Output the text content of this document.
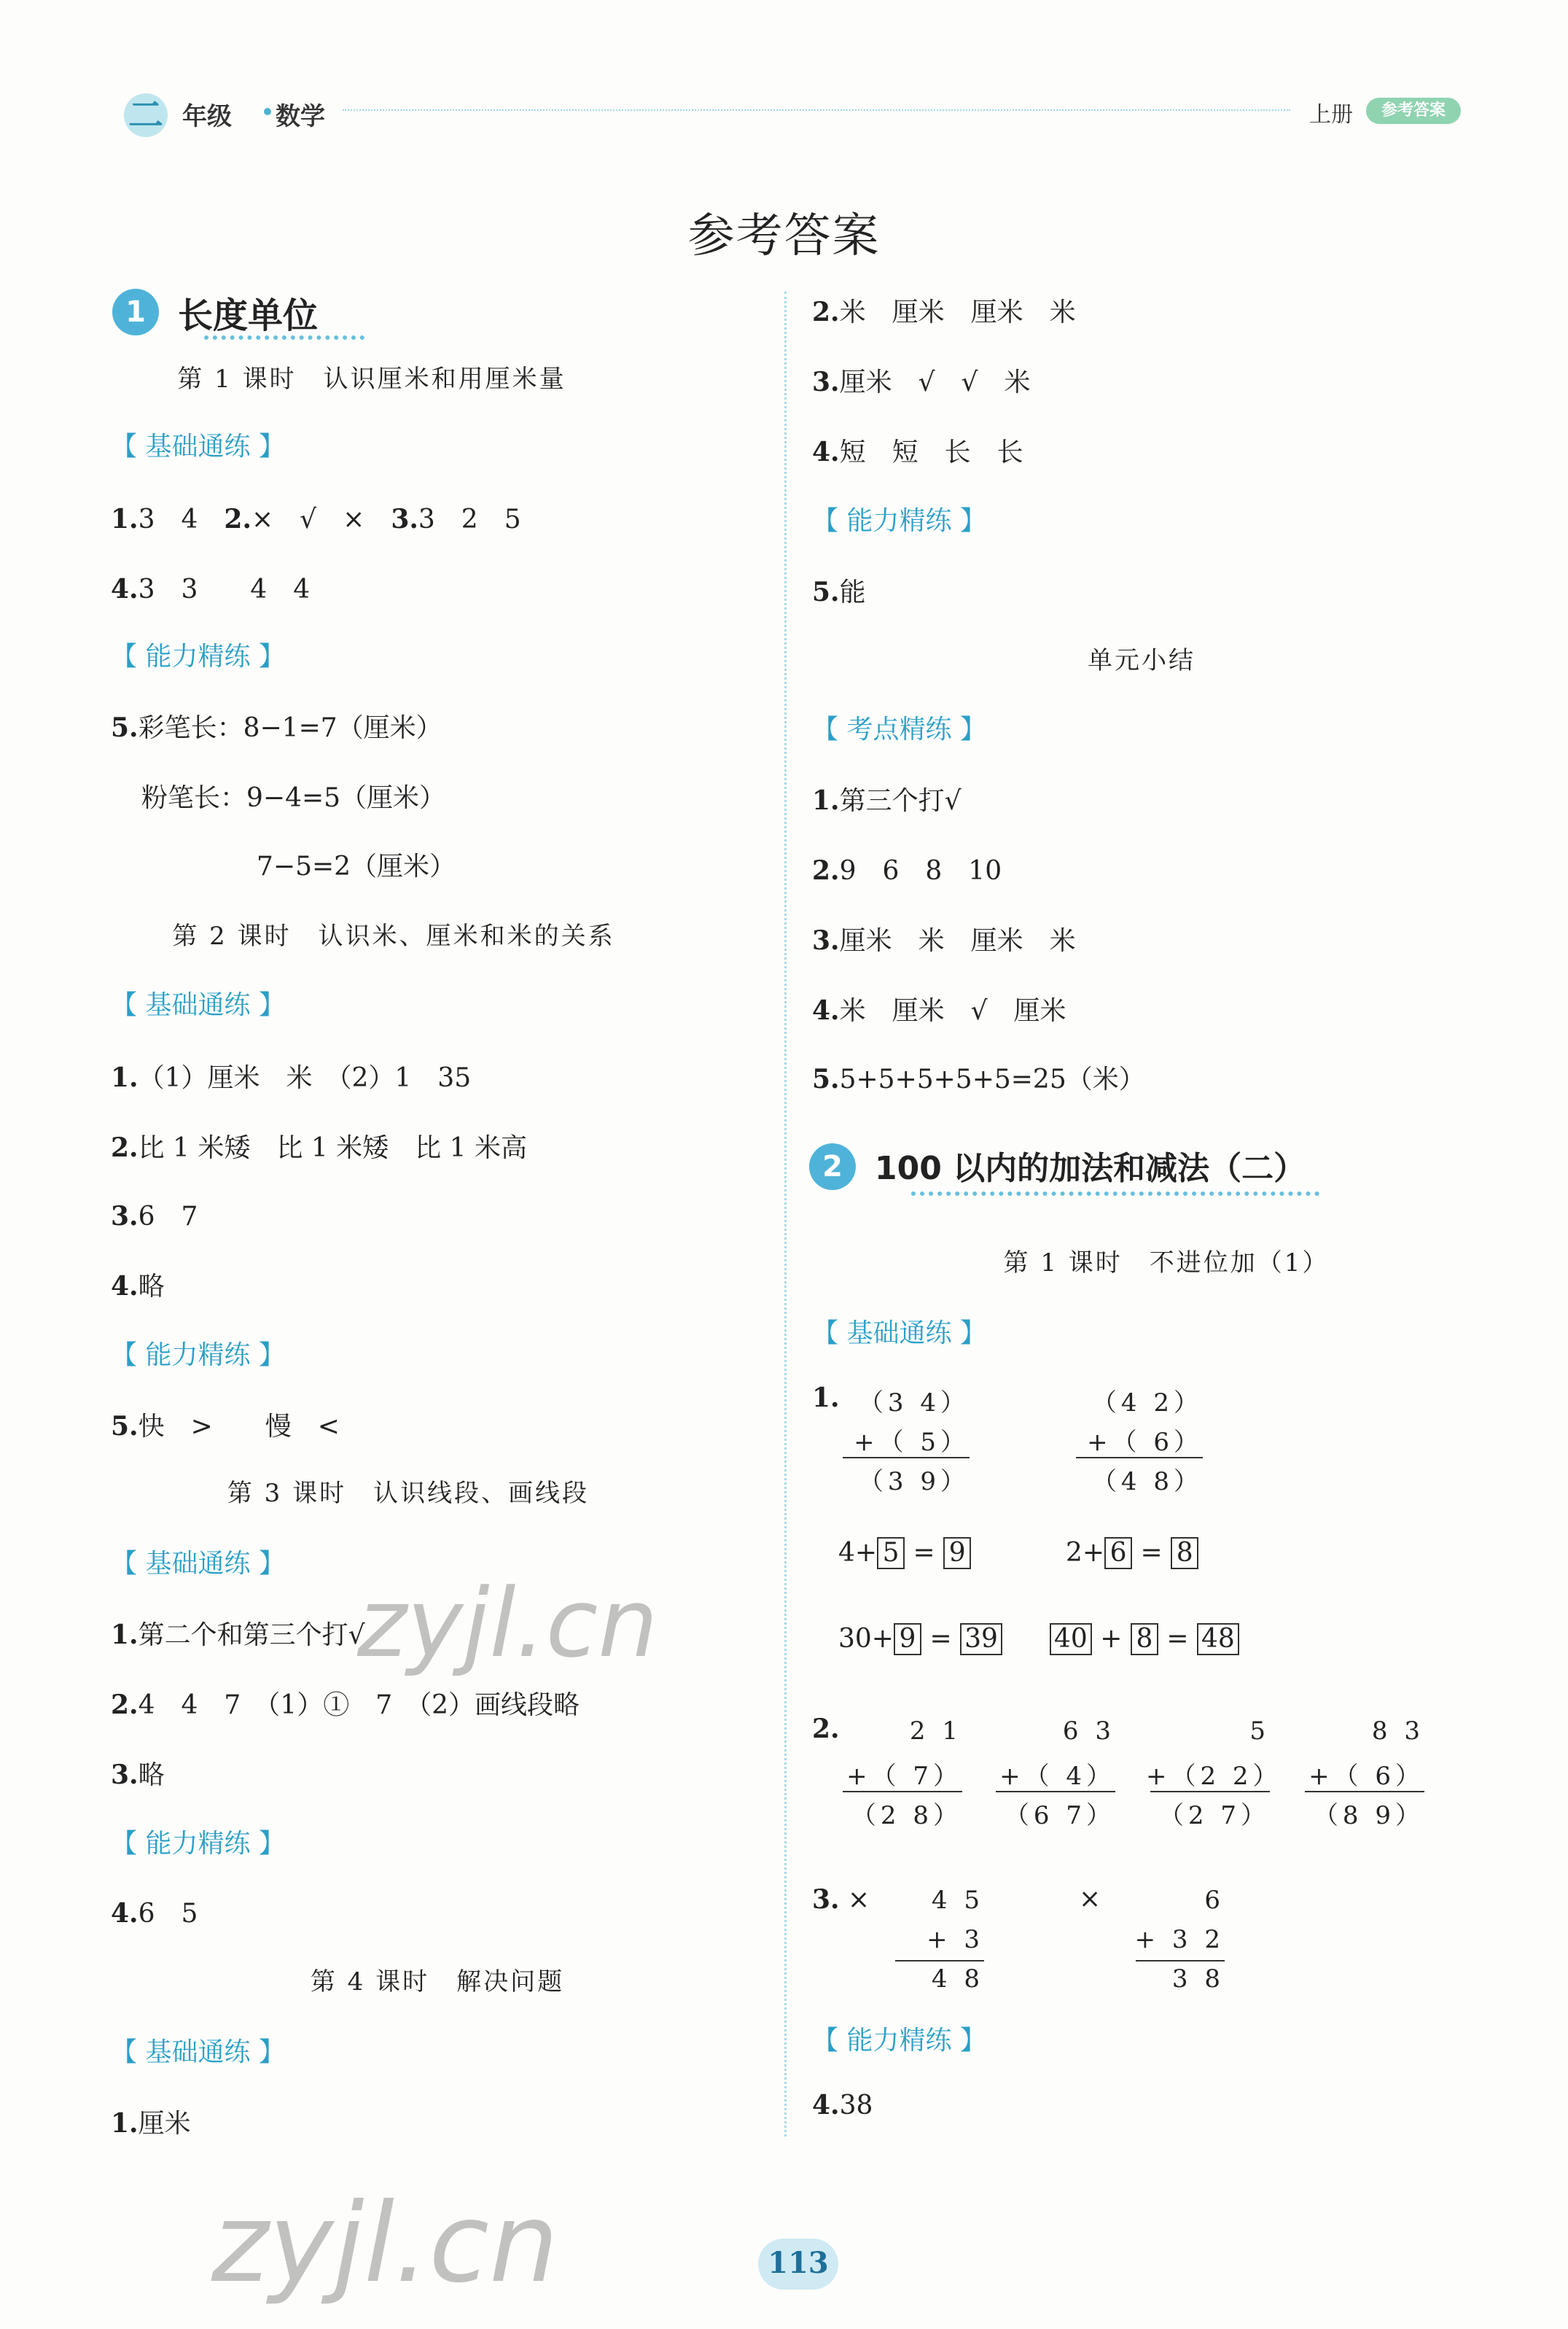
二 年级 数学	上册	参考答案
参考答案
1 长度单位
第 1 课时　认识厘米和用厘米量
【 基础通练 】
1.3　4　 2.×　√　×　 3.3　2　5
4.3　3　　4　4
【 能力精练 】
5.彩笔长：8−1=7（厘米）
粉笔长：9−4=5（厘米）
7−5=2（厘米）
第 2 课时　认识米、厘米和米的关系
【 基础通练 】
1.（1）厘米　米　（2）1　35
2.比 1 米矮　比 1 米矮　比 1 米高
3.6　7
4.略
【 能力精练 】
5.快　>　　慢　<
第 3 课时　认识线段、画线段
【 基础通练 】
1.第二个和第三个打√
2.4　4　7　（1）①　7　（2）画线段略
3.略
【 能力精练 】
4.6　5
第 4 课时　解决问题
【 基础通练 】
1.厘米
2.米　厘米　厘米　米
3.厘米　√　√　米
4.短　短　长　长
【 能力精练 】
5.能
单元小结
【 考点精练 】
1.第三个打√
2.9　6　8　10
3.厘米　米　厘米　米
4.米　厘米　√　厘米
5.5+5+5+5+5=25（米）
2	100 以内的加法和减法（二）
第 1 课时　不进位加（1）
【 基础通练 】
1. （3 4）
+（ 5）
（3 9）
（4 2）
+（ 6）
（4 8）
4+ 5 = 9	2+ 6 = 8
30+ 9 = 39 40 + 8 = 48
2.	2 1
+（ 7）
（2 8）
6 3
+（ 4）
（6 7）
5
+（2 2）
（2 7）
8 3
+（ 6）
（8 9）
3. ×	4 5
+ 3
4 8
×	6
+ 3 2
3 8
【 能力精练 】
4.38
zyjl.cn
zyjl.cn	113
